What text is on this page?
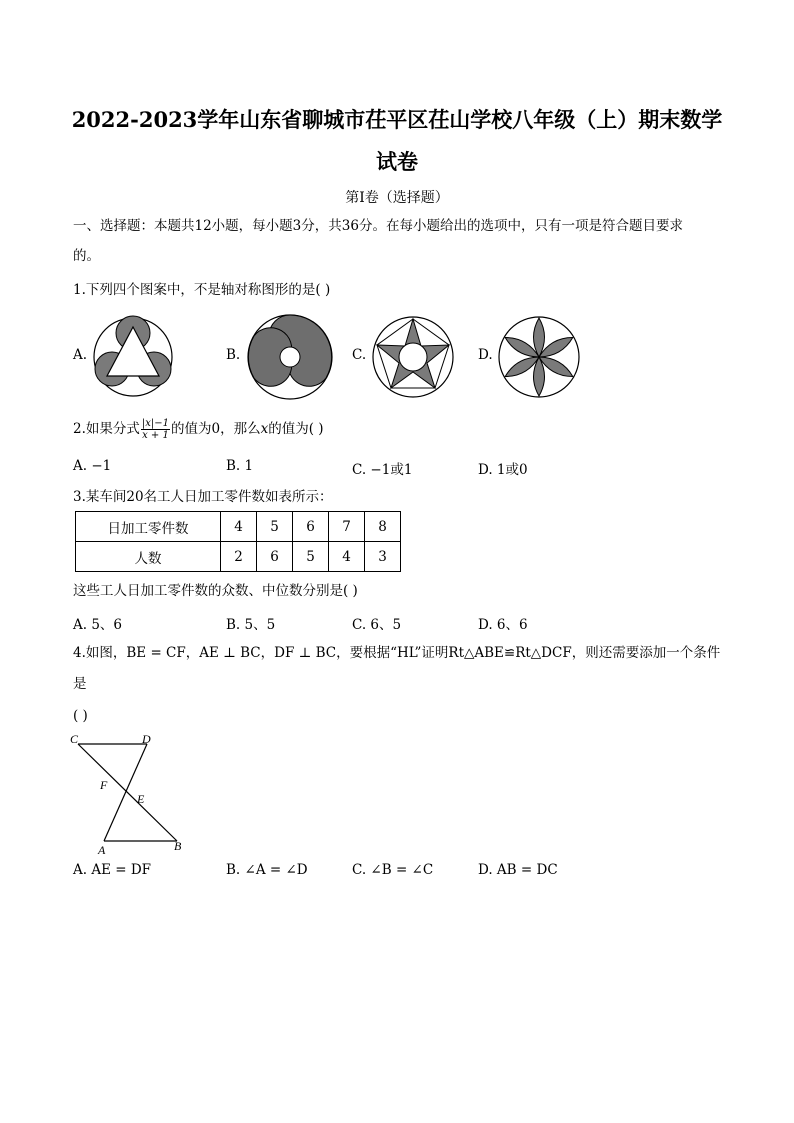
2022-2023学年山东省聊城市茌平区茌山学校八年级（上）期末数学
试卷
第Ⅰ卷（选择题）
一、选择题：本题共12小题，每小题3分，共36分。在每小题给出的选项中，只有一项是符合题目要求
的。
1.下列四个图案中，不是轴对称图形的是( )
A.	B.	C.	D.
2.如果分式 $\frac{|x|-1}{x + 1}$ 的值为0，那么x的值为( )
A. −1	B. 1	C. −1或1	D. 1或0
3.某车间20名工人日加工零件数如表所示：
日加工零件数	4	5	6	7	8
人数	2	6	5	4	3
这些工人日加工零件数的众数、中位数分别是( )
A. 5、6	B. 5、5	C. 6、5	D. 6、6
4.如图，BE = CF，AE ⊥ BC，DF ⊥ BC，要根据“HL”证明Rt△ABE≌Rt△DCF，则还需要添加一个条件
是
( )
C	D
F
E
A	B
A. AE = DF	B. ∠A = ∠D	C. ∠B = ∠C	D. AB = DC
